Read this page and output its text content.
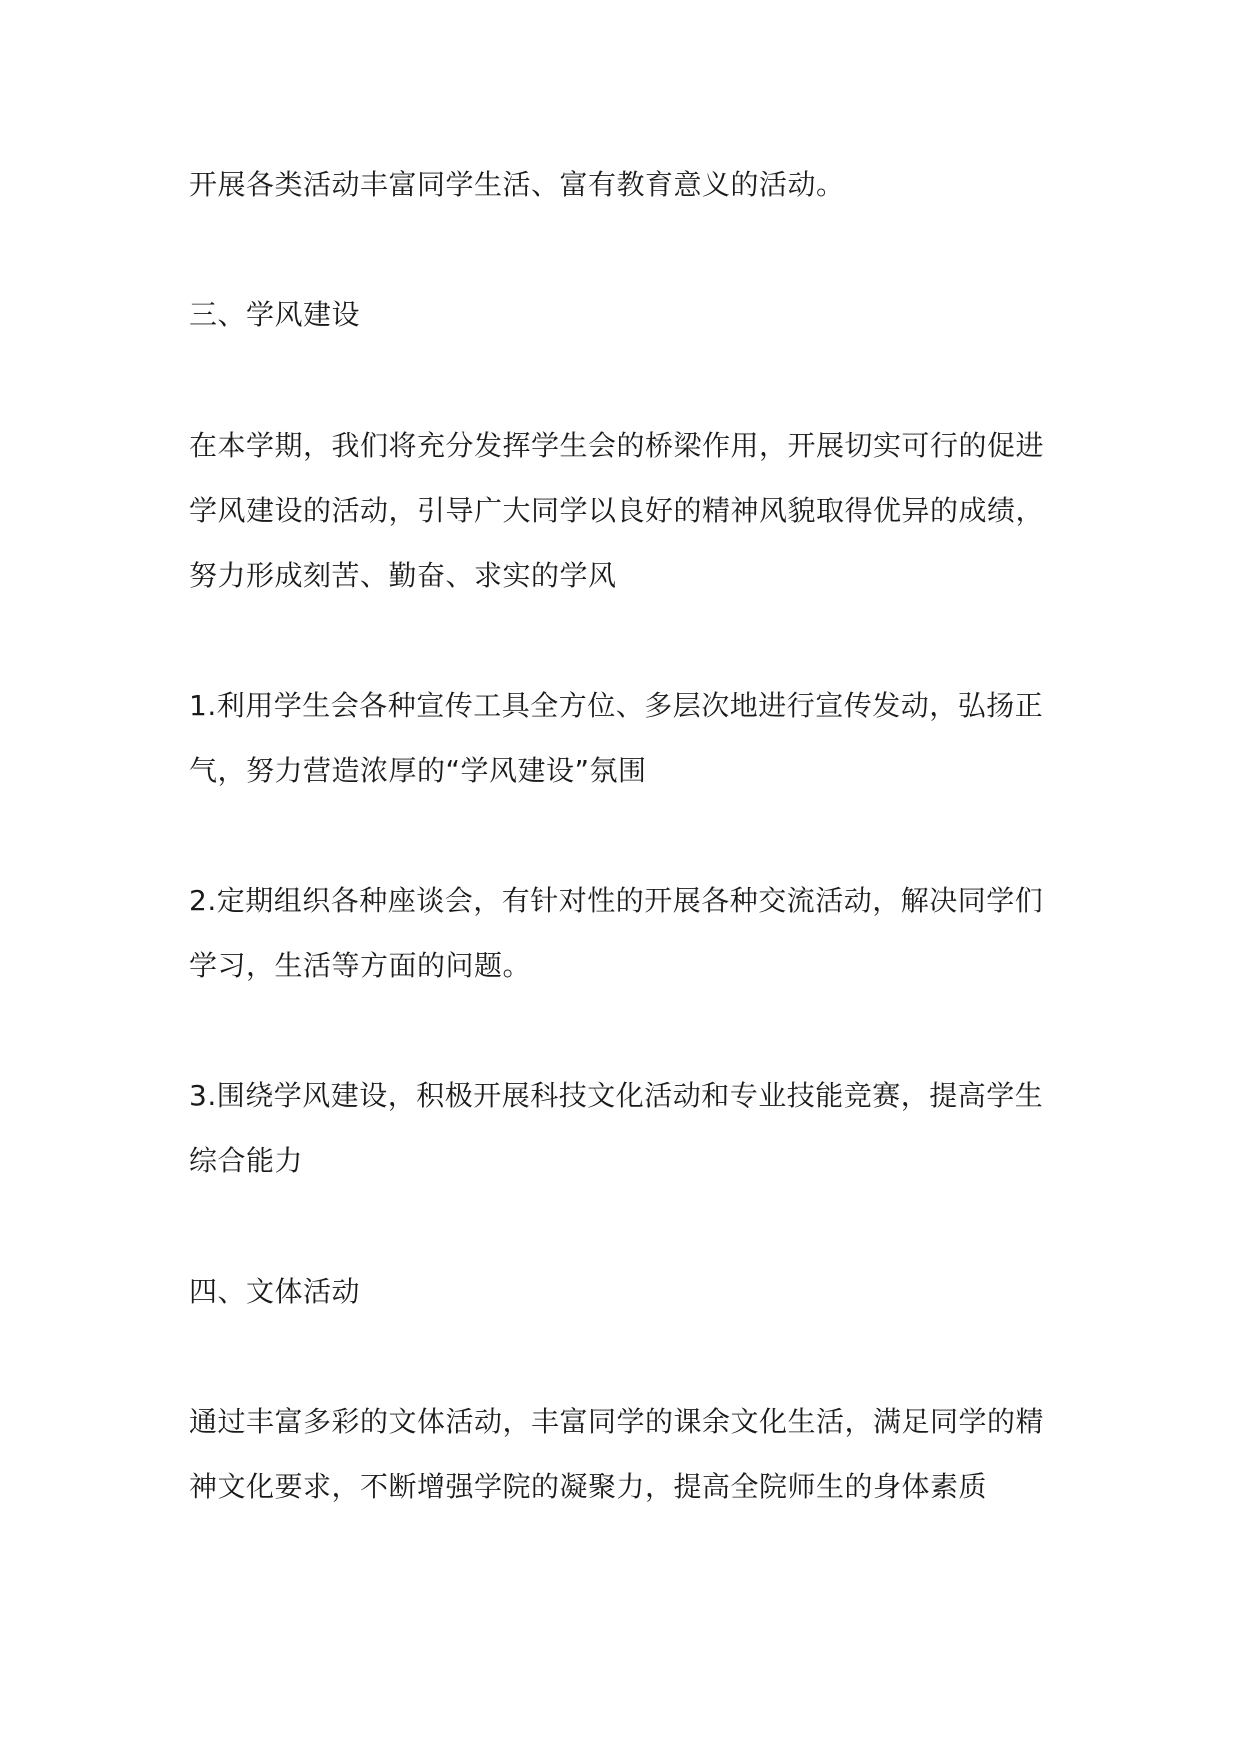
开展各类活动丰富同学生活、富有教育意义的活动。
三、学风建设
在本学期，我们将充分发挥学生会的桥梁作用，开展切实可行的促进
学风建设的活动，引导广大同学以良好的精神风貌取得优异的成绩，
努力形成刻苦、勤奋、求实的学风
1.利用学生会各种宣传工具全方位、多层次地进行宣传发动，弘扬正
气，努力营造浓厚的“学风建设”氛围
2.定期组织各种座谈会，有针对性的开展各种交流活动，解决同学们
学习，生活等方面的问题。
3.围绕学风建设，积极开展科技文化活动和专业技能竞赛，提高学生
综合能力
四、文体活动
通过丰富多彩的文体活动，丰富同学的课余文化生活，满足同学的精
神文化要求，不断增强学院的凝聚力，提高全院师生的身体素质
